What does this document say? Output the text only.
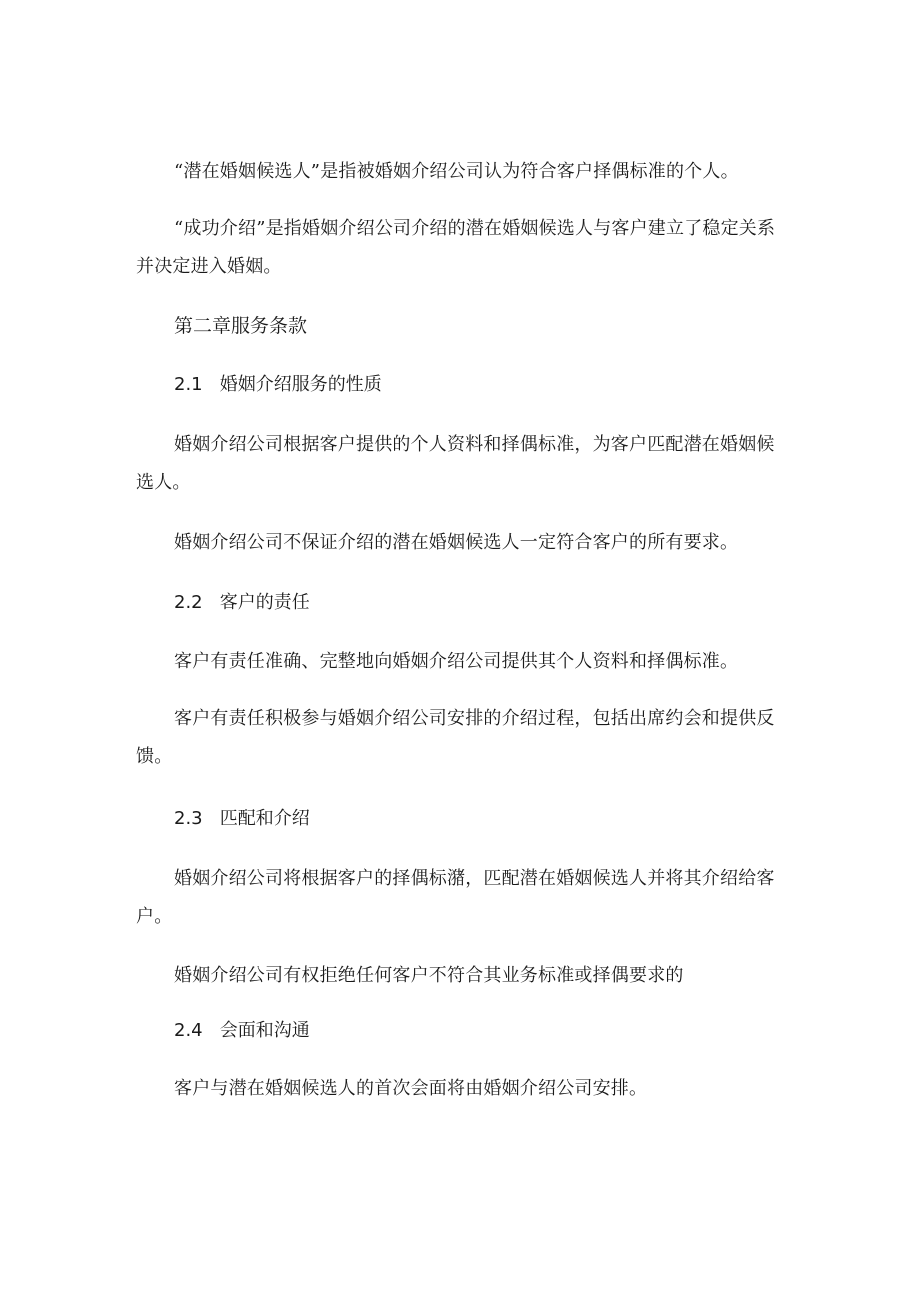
“潜在婚姻候选人”是指被婚姻介绍公司认为符合客户择偶标准的个人。

“成功介绍”是指婚姻介绍公司介绍的潜在婚姻候选人与客户建立了稳定关系并决定进入婚姻。

第二章服务条款
2.1 婚姻介绍服务的性质

婚姻介绍公司根据客户提供的个人资料和择偶标准，为客户匹配潜在婚姻候选人。

婚姻介绍公司不保证介绍的潜在婚姻候选人一定符合客户的所有要求。

2.2 客户的责任

客户有责任准确、完整地向婚姻介绍公司提供其个人资料和择偶标准。

客户有责任积极参与婚姻介绍公司安排的介绍过程，包括出席约会和提供反馈。

2.3 匹配和介绍

婚姻介绍公司将根据客户的择偶标潴，匹配潜在婚姻候选人并将其介绍给客户。

婚姻介绍公司有权拒绝任何客户不符合其业务标准或择偶要求的

2.4 会面和沟通

客户与潜在婚姻候选人的首次会面将由婚姻介绍公司安排。
